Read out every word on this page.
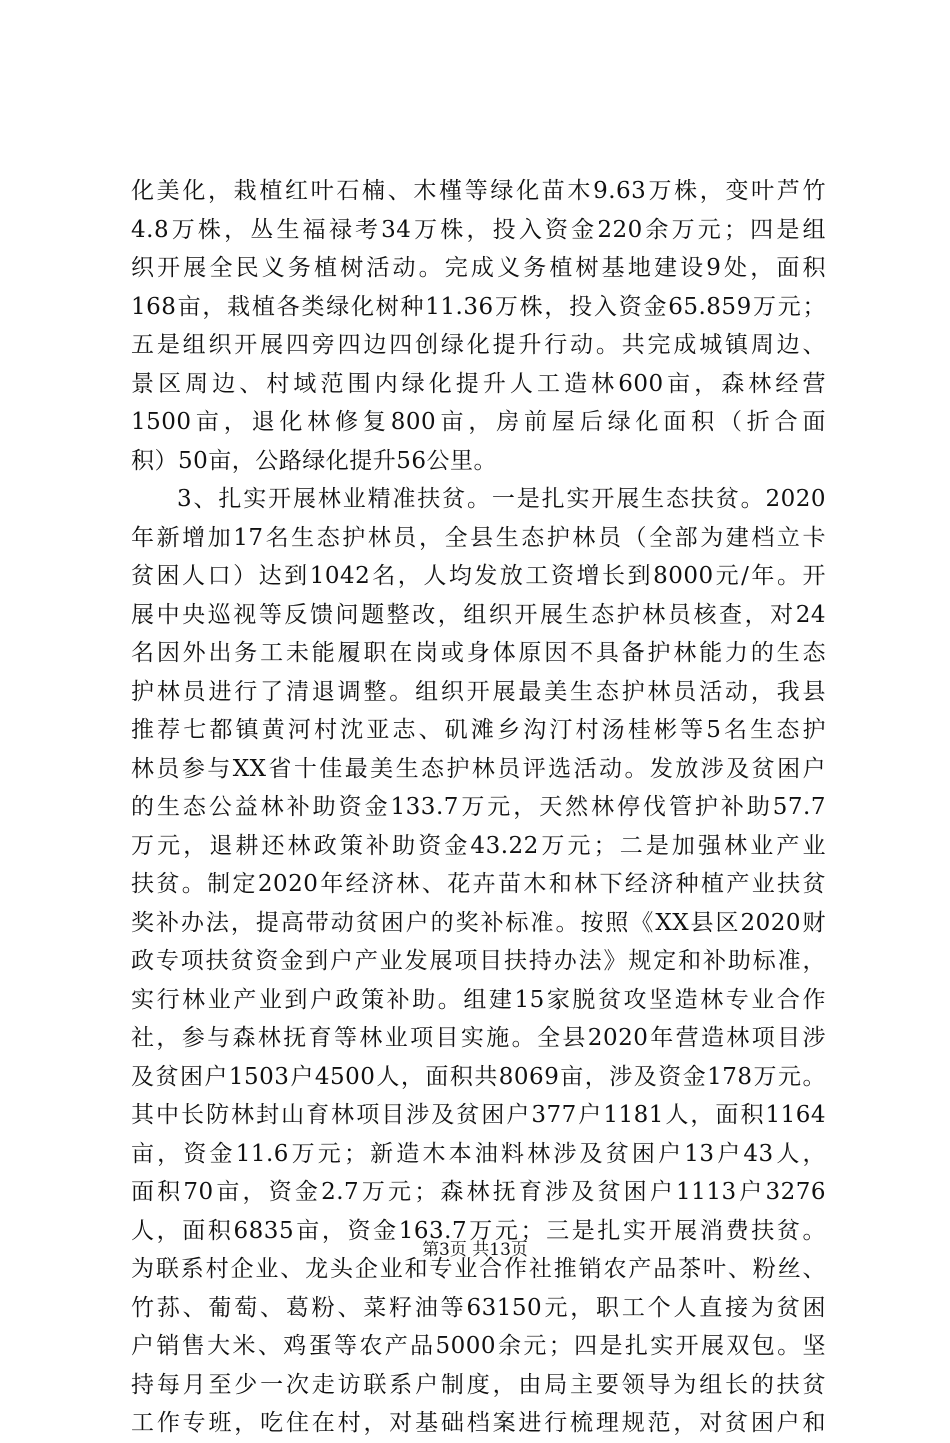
化美化，栽植红叶石楠、木槿等绿化苗木9.63万株，变叶芦竹
4.8万株，丛生福禄考34万株，投入资金220余万元；四是组
织开展全民义务植树活动。完成义务植树基地建设9处，面积
168亩，栽植各类绿化树种11.36万株，投入资金65.859万元；
五是组织开展四旁四边四创绿化提升行动。共完成城镇周边、
景区周边、村域范围内绿化提升人工造林600亩，森林经营
1500亩，退化林修复800亩，房前屋后绿化面积（折合面
积）50亩，公路绿化提升56公里。
3、扎实开展林业精准扶贫。一是扎实开展生态扶贫。2020
年新增加17名生态护林员，全县生态护林员（全部为建档立卡
贫困人口）达到1042名，人均发放工资增长到8000元/年。开
展中央巡视等反馈问题整改，组织开展生态护林员核查，对24
名因外出务工未能履职在岗或身体原因不具备护林能力的生态
护林员进行了清退调整。组织开展最美生态护林员活动，我县
推荐七都镇黄河村沈亚志、矶滩乡沟汀村汤桂彬等5名生态护
林员参与XX省十佳最美生态护林员评选活动。发放涉及贫困户
的生态公益林补助资金133.7万元，天然林停伐管护补助57.7
万元，退耕还林政策补助资金43.22万元；二是加强林业产业
扶贫。制定2020年经济林、花卉苗木和林下经济种植产业扶贫
奖补办法，提高带动贫困户的奖补标准。按照《XX县区2020财
政专项扶贫资金到户产业发展项目扶持办法》规定和补助标准，
实行林业产业到户政策补助。组建15家脱贫攻坚造林专业合作
社，参与森林抚育等林业项目实施。全县2020年营造林项目涉
及贫困户1503户4500人，面积共8069亩，涉及资金178万元。
其中长防林封山育林项目涉及贫困户377户1181人，面积1164
亩，资金11.6万元；新造木本油料林涉及贫困户13户43人，
面积70亩，资金2.7万元；森林抚育涉及贫困户1113户3276
人，面积6835亩，资金163.7万元；三是扎实开展消费扶贫。
为联系村企业、龙头企业和专业合作社推销农产品茶叶、粉丝、
竹荪、葡萄、葛粉、菜籽油等63150元，职工个人直接为贫困
户销售大米、鸡蛋等农产品5000余元；四是扎实开展双包。坚
持每月至少一次走访联系户制度，由局主要领导为组长的扶贫
工作专班，吃住在村，对基础档案进行梳理规范，对贫困户和
第3页 共13页
